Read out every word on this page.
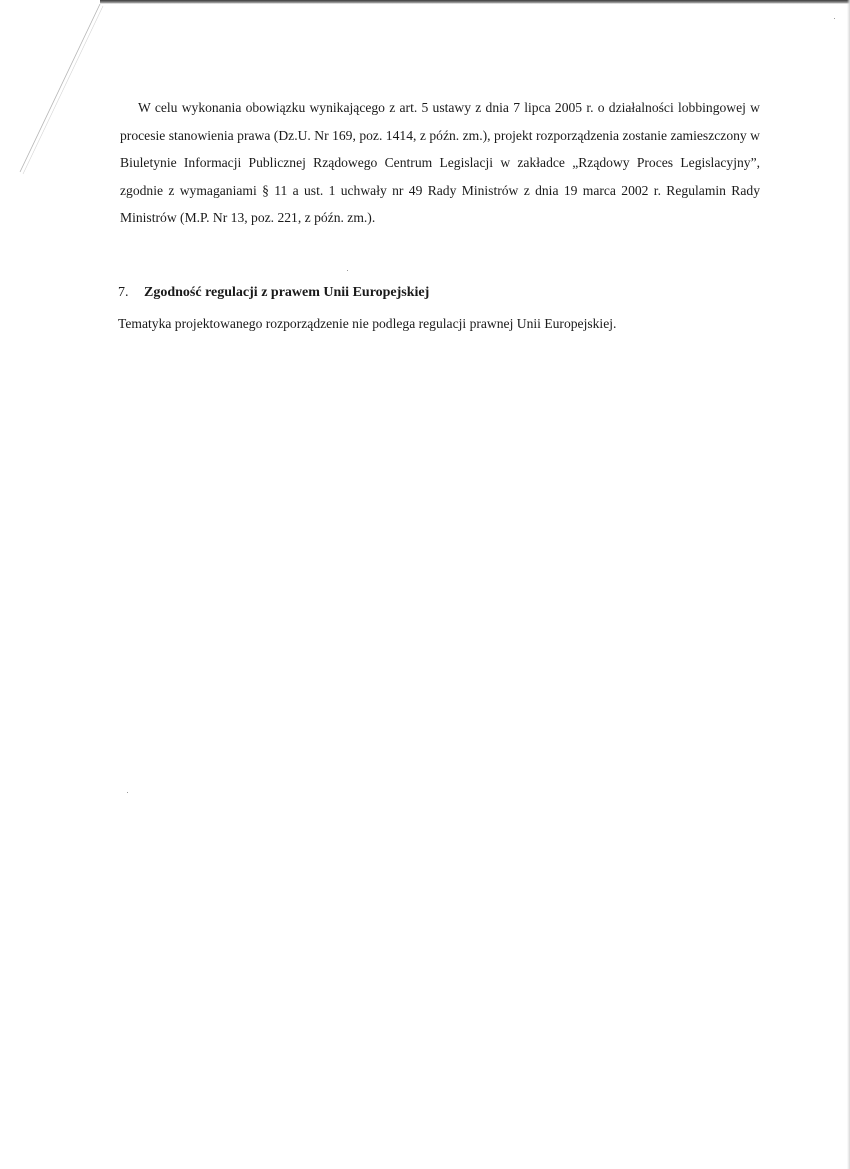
W celu wykonania obowiązku wynikającego z art. 5 ustawy z dnia 7 lipca 2005 r. o działalności lobbingowej w procesie stanowienia prawa (Dz.U. Nr 169, poz. 1414, z późn. zm.), projekt rozporządzenia zostanie zamieszczony w Biuletynie Informacji Publicznej Rządowego Centrum Legislacji w zakładce „Rządowy Proces Legislacyjny”, zgodnie z wymaganiami § 11 a ust. 1 uchwały nr 49 Rady Ministrów z dnia 19 marca 2002 r. Regulamin Rady Ministrów (M.P. Nr 13, poz. 221, z późn. zm.).

7. Zgodność regulacji z prawem Unii Europejskiej

Tematyka projektowanego rozporządzenie nie podlega regulacji prawnej Unii Europejskiej.
